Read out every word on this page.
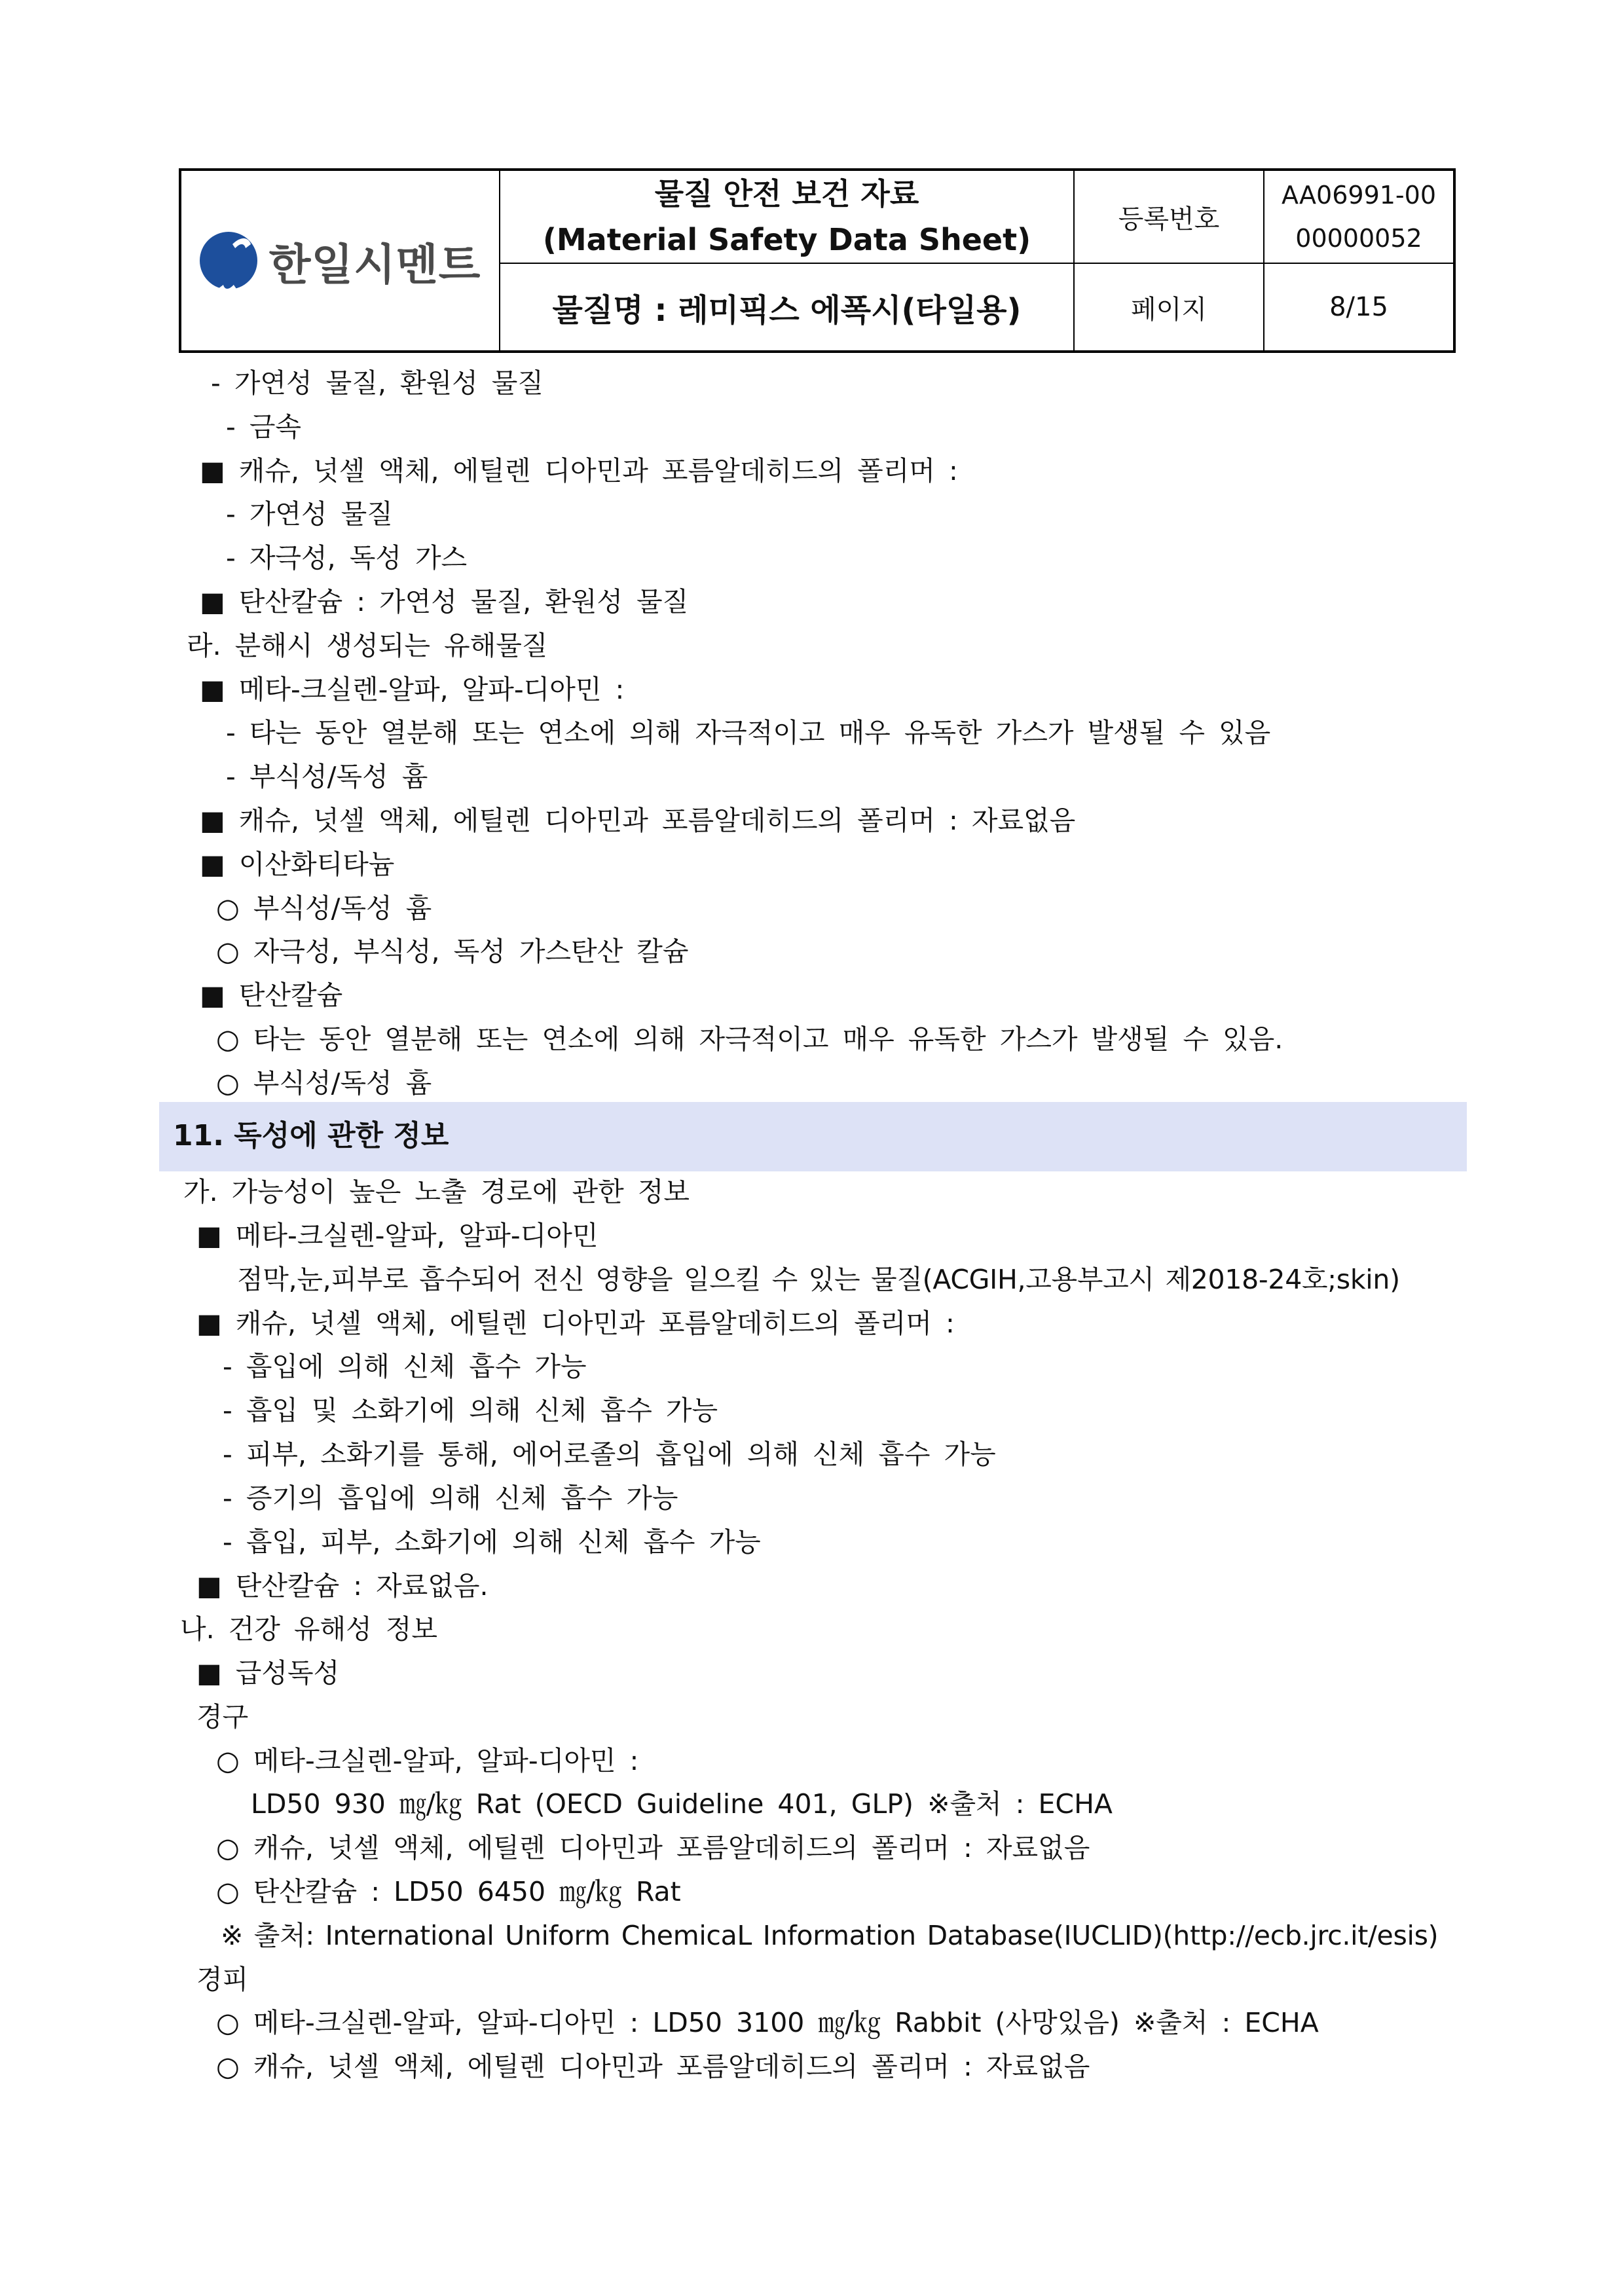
한일시멘트
물질 안전 보건 자료
(Material Safety Data Sheet)
물질명 : 레미픽스 에폭시(타일용)
등록번호
AA06991-00
00000052
페이지	8/15
- 가연성 물질, 환원성 물질
- 금속
■ 캐슈, 넛셀 액체, 에틸렌 디아민과 포름알데히드의 폴리머 :
- 가연성 물질
- 자극성, 독성 가스
■ 탄산칼슘 : 가연성 물질, 환원성 물질
라. 분해시 생성되는 유해물질
■ 메타-크실렌-알파, 알파-디아민 :
- 타는 동안 열분해 또는 연소에 의해 자극적이고 매우 유독한 가스가 발생될 수 있음
- 부식성/독성 흄
■ 캐슈, 넛셀 액체, 에틸렌 디아민과 포름알데히드의 폴리머 : 자료없음
■ 이산화티타늄
○ 부식성/독성 흄
○ 자극성, 부식성, 독성 가스탄산 칼슘
■ 탄산칼슘
○ 타는 동안 열분해 또는 연소에 의해 자극적이고 매우 유독한 가스가 발생될 수 있음.
○ 부식성/독성 흄
11. 독성에 관한 정보
가. 가능성이 높은 노출 경로에 관한 정보
■ 메타-크실렌-알파, 알파-디아민
점막,눈,피부로 흡수되어 전신 영향을 일으킬 수 있는 물질(ACGIH,고용부고시 제2018-24호;skin)
■ 캐슈, 넛셀 액체, 에틸렌 디아민과 포름알데히드의 폴리머 :
- 흡입에 의해 신체 흡수 가능
- 흡입 및 소화기에 의해 신체 흡수 가능
- 피부, 소화기를 통해, 에어로졸의 흡입에 의해 신체 흡수 가능
- 증기의 흡입에 의해 신체 흡수 가능
- 흡입, 피부, 소화기에 의해 신체 흡수 가능
■ 탄산칼슘 : 자료없음.
나. 건강 유해성 정보
■ 급성독성
경구
○ 메타-크실렌-알파, 알파-디아민 :
LD50 930 ㎎/㎏ Rat (OECD Guideline 401, GLP) ※출처 : ECHA
○ 캐슈, 넛셀 액체, 에틸렌 디아민과 포름알데히드의 폴리머 : 자료없음
○ 탄산칼슘 : LD50 6450 ㎎/㎏ Rat
※ 출처: International Uniform ChemicaL Information Database(IUCLID)(http://ecb.jrc.it/esis)
경피
○ 메타-크실렌-알파, 알파-디아민 : LD50 3100 ㎎/㎏ Rabbit (사망있음) ※출처 : ECHA
○ 캐슈, 넛셀 액체, 에틸렌 디아민과 포름알데히드의 폴리머 : 자료없음
